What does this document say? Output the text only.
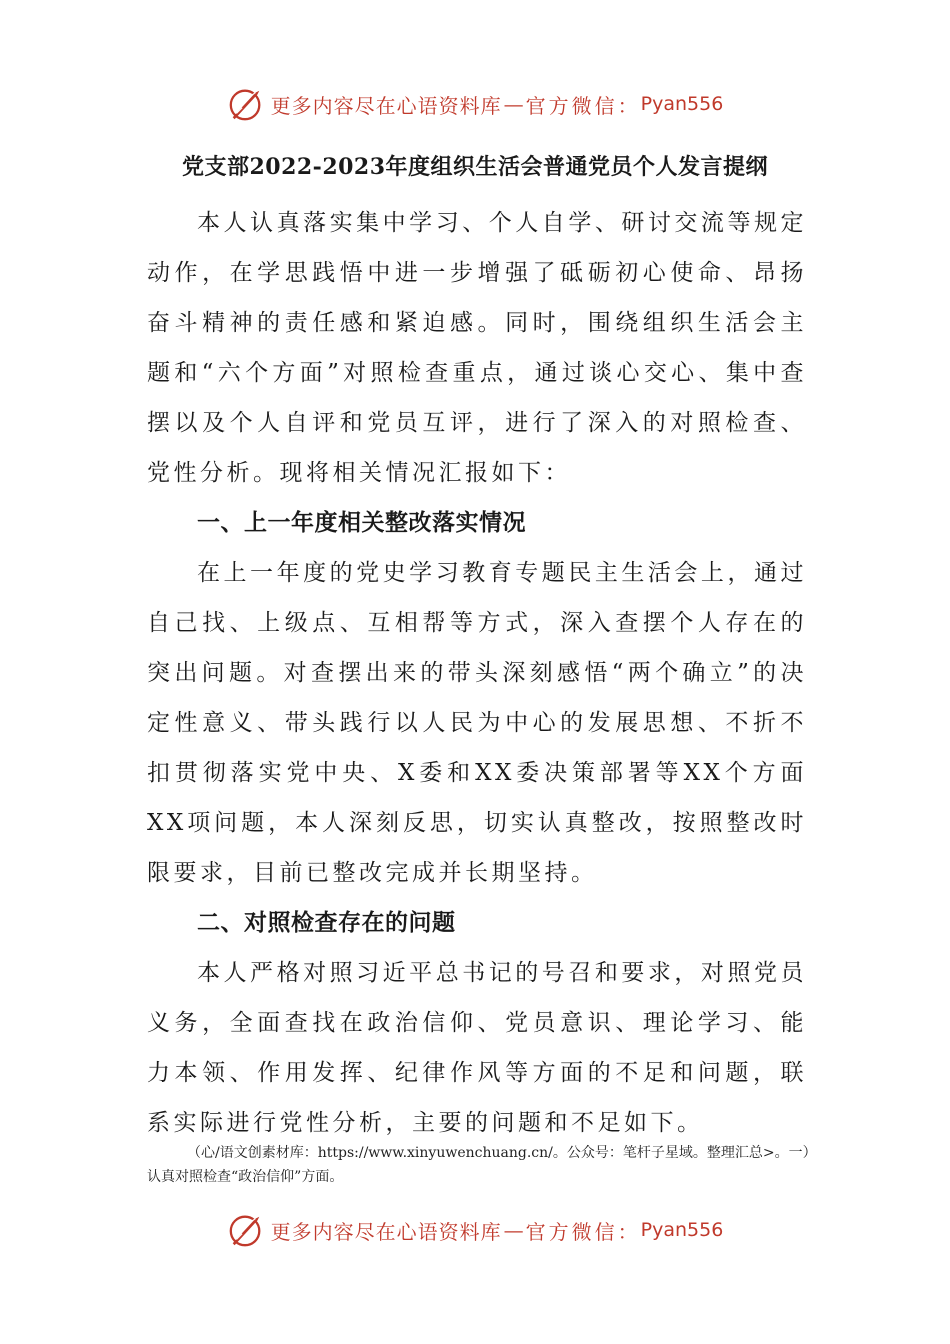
更多内容尽在心语资料库 — 官方微信： Pyan556
党支部2022-2023年度组织生活会普通党员个人发言提纲

本人认真落实集中学习、个人自学、研讨交流等规定动作，在学思践悟中进一步增强了砥砺初心使命、昂扬奋斗精神的责任感和紧迫感。同时，围绕组织生活会主题和“六个方面”对照检查重点，通过谈心交心、集中查摆以及个人自评和党员互评，进行了深入的对照检查、党性分析。现将相关情况汇报如下：

一、上一年度相关整改落实情况

在上一年度的党史学习教育专题民主生活会上，通过自己找、上级点、互相帮等方式，深入查摆个人存在的突出问题。对查摆出来的带头深刻感悟“两个确立”的决定性意义、带头践行以人民为中心的发展思想、不折不扣贯彻落实党中央、X委和XX委决策部署等XX个方面XX项问题，本人深刻反思，切实认真整改，按照整改时限要求，目前已整改完成并长期坚持。

二、对照检查存在的问题

本人严格对照习近平总书记的号召和要求，对照党员义务，全面查找在政治信仰、党员意识、理论学习、能力本领、作用发挥、纪律作风等方面的不足和问题，联系实际进行党性分析，主要的问题和不足如下。

（心/语文创素材库：https://www.xinyuwenchuang.cn/。公众号：笔杆子星域。整理汇总>。一）认真对照检查“政治信仰”方面。

更多内容尽在心语资料库 — 官方微信： Pyan556
